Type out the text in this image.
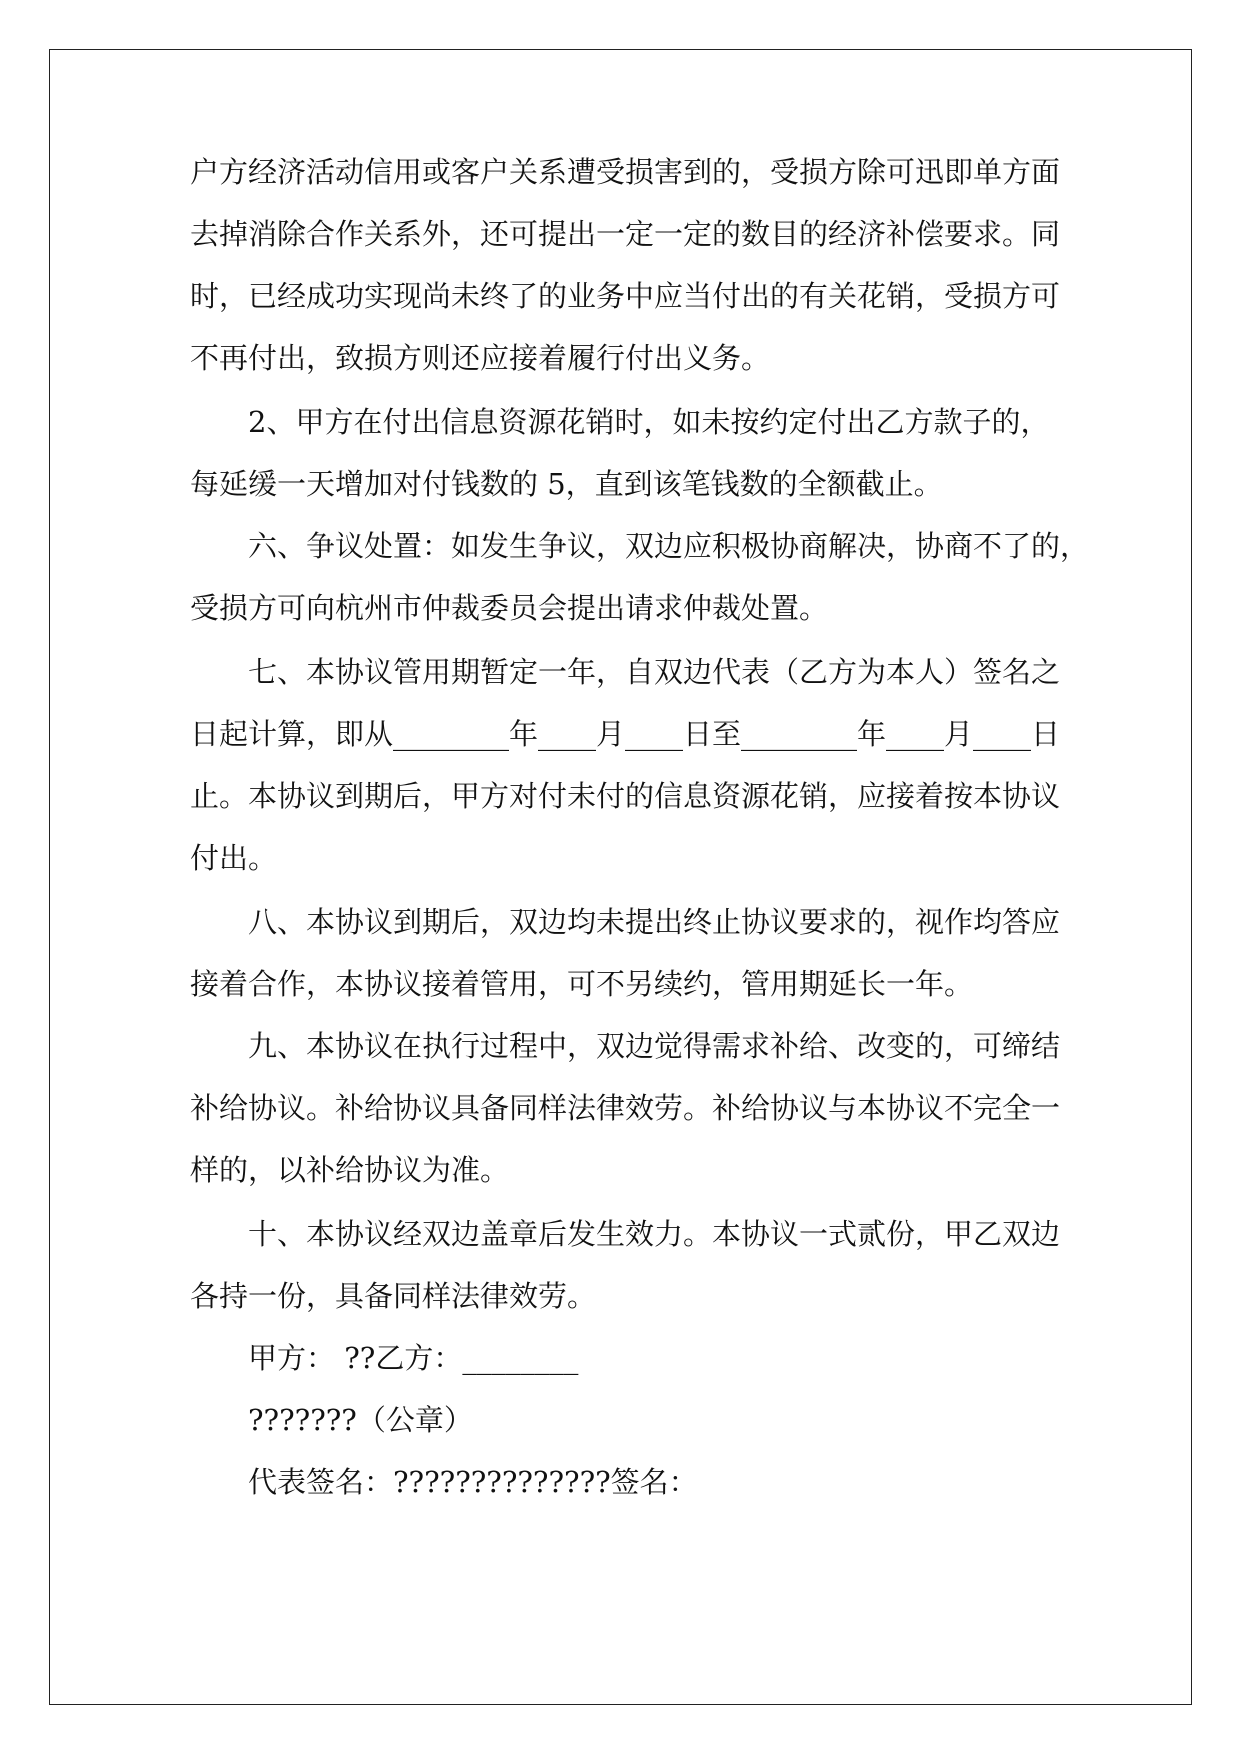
户方经济活动信用或客户关系遭受损害到的，受损方除可迅即单方面
去掉消除合作关系外，还可提出一定一定的数目的经济补偿要求。同
时，已经成功实现尚未终了的业务中应当付出的有关花销，受损方可
不再付出，致损方则还应接着履行付出义务。
2、甲方在付出信息资源花销时，如未按约定付出乙方款子的，
每延缓一天增加对付钱数的 5，直到该笔钱数的全额截止。
六、争议处置：如发生争议，双边应积极协商解决，协商不了的，
受损方可向杭州市仲裁委员会提出请求仲裁处置。
七、本协议管用期暂定一年，自双边代表（乙方为本人）签名之
日起计算，即从________年____月____日至________年____月____日
止。本协议到期后，甲方对付未付的信息资源花销，应接着按本协议
付出。
八、本协议到期后，双边均未提出终止协议要求的，视作均答应
接着合作，本协议接着管用，可不另续约，管用期延长一年。
九、本协议在执行过程中，双边觉得需求补给、改变的，可缔结
补给协议。补给协议具备同样法律效劳。补给协议与本协议不完全一
样的，以补给协议为准。
十、本协议经双边盖章后发生效力。本协议一式贰份，甲乙双边
各持一份，具备同样法律效劳。
甲方： ??乙方：________
???????（公章）
代表签名：??????????????签名：
